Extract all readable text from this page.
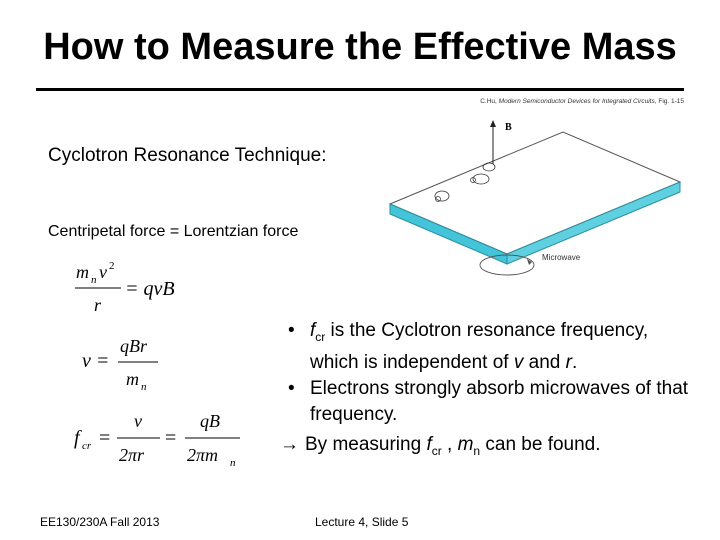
How to Measure the Effective Mass
C.Hu, Modern Semiconductor Devices for Integrated Circuits, Fig. 1-15
Cyclotron Resonance Technique:
Centripetal force = Lorentzian force
B
Microwave
m n v 2
r
= qvB
v =
qBr
m n
f cr =
v
2πr
=
qB
2πm n
• $f_{cr}$ is the Cyclotron resonance frequency, which is independent of v and r.
• Electrons strongly absorb microwaves of that frequency.
→ By measuring $f_{cr}$ , $m_n$ can be found.
EE130/230A Fall 2013	Lecture 4, Slide 5
